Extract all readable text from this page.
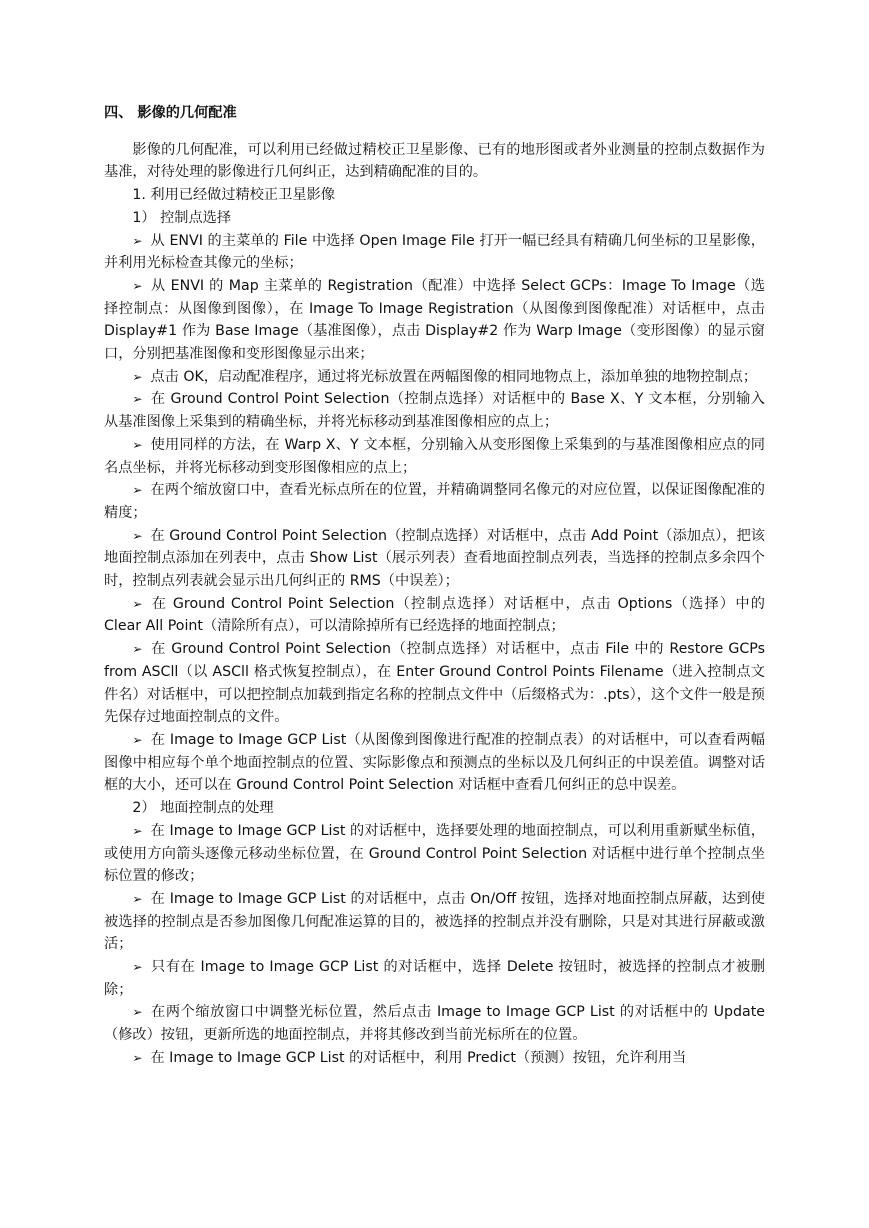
四、 影像的几何配准
影像的几何配准，可以利用已经做过精校正卫星影像、已有的地形图或者外业测量的控制点数据作为基准，对待处理的影像进行几何纠正，达到精确配准的目的。
1. 利用已经做过精校正卫星影像
1） 控制点选择
➢从 ENVI 的主菜单的 File 中选择 Open Image File 打开一幅已经具有精确几何坐标的卫星影像，并利用光标检查其像元的坐标；
➢从 ENVI 的 Map 主菜单的 Registration（配准）中选择 Select GCPs：Image To Image（选择控制点：从图像到图像），在 Image To Image Registration（从图像到图像配准）对话框中，点击 Display#1 作为 Base Image（基准图像），点击 Display#2 作为 Warp Image（变形图像）的显示窗口，分别把基准图像和变形图像显示出来；
➢点击 OK，启动配准程序，通过将光标放置在两幅图像的相同地物点上，添加单独的地物控制点；
➢在 Ground Control Point Selection（控制点选择）对话框中的 Base X、Y 文本框，分别输入从基准图像上采集到的精确坐标，并将光标移动到基准图像相应的点上；
➢使用同样的方法，在 Warp X、Y 文本框，分别输入从变形图像上采集到的与基准图像相应点的同名点坐标，并将光标移动到变形图像相应的点上；
➢在两个缩放窗口中，查看光标点所在的位置，并精确调整同名像元的对应位置，以保证图像配准的精度；
➢在 Ground Control Point Selection（控制点选择）对话框中，点击 Add Point（添加点），把该地面控制点添加在列表中，点击 Show List（展示列表）查看地面控制点列表，当选择的控制点多余四个时，控制点列表就会显示出几何纠正的 RMS（中误差）；
➢在 Ground Control Point Selection（控制点选择）对话框中，点击 Options（选择）中的 Clear All Point（清除所有点），可以清除掉所有已经选择的地面控制点；
➢在 Ground Control Point Selection（控制点选择）对话框中，点击 File 中的 Restore GCPs from ASCll（以 ASCll 格式恢复控制点），在 Enter Ground Control Points Filename（进入控制点文件名）对话框中，可以把控制点加载到指定名称的控制点文件中（后缀格式为：.pts），这个文件一般是预先保存过地面控制点的文件。
➢在 Image to Image GCP List（从图像到图像进行配准的控制点表）的对话框中，可以查看两幅图像中相应每个单个地面控制点的位置、实际影像点和预测点的坐标以及几何纠正的中误差值。调整对话框的大小，还可以在 Ground Control Point Selection 对话框中查看几何纠正的总中误差。
2） 地面控制点的处理
➢在 Image to Image GCP List 的对话框中，选择要处理的地面控制点，可以利用重新赋坐标值，或使用方向箭头逐像元移动坐标位置，在 Ground Control Point Selection 对话框中进行单个控制点坐标位置的修改；
➢在 Image to Image GCP List 的对话框中，点击 On/Off 按钮，选择对地面控制点屏蔽，达到使被选择的控制点是否参加图像几何配准运算的目的，被选择的控制点并没有删除，只是对其进行屏蔽或激活；
➢只有在 Image to Image GCP List 的对话框中，选择 Delete 按钮时，被选择的控制点才被删除；
➢在两个缩放窗口中调整光标位置，然后点击 Image to Image GCP List 的对话框中的 Update（修改）按钮，更新所选的地面控制点，并将其修改到当前光标所在的位置。
➢在 Image to Image GCP List 的对话框中，利用 Predict（预测）按钮，允许利用当
